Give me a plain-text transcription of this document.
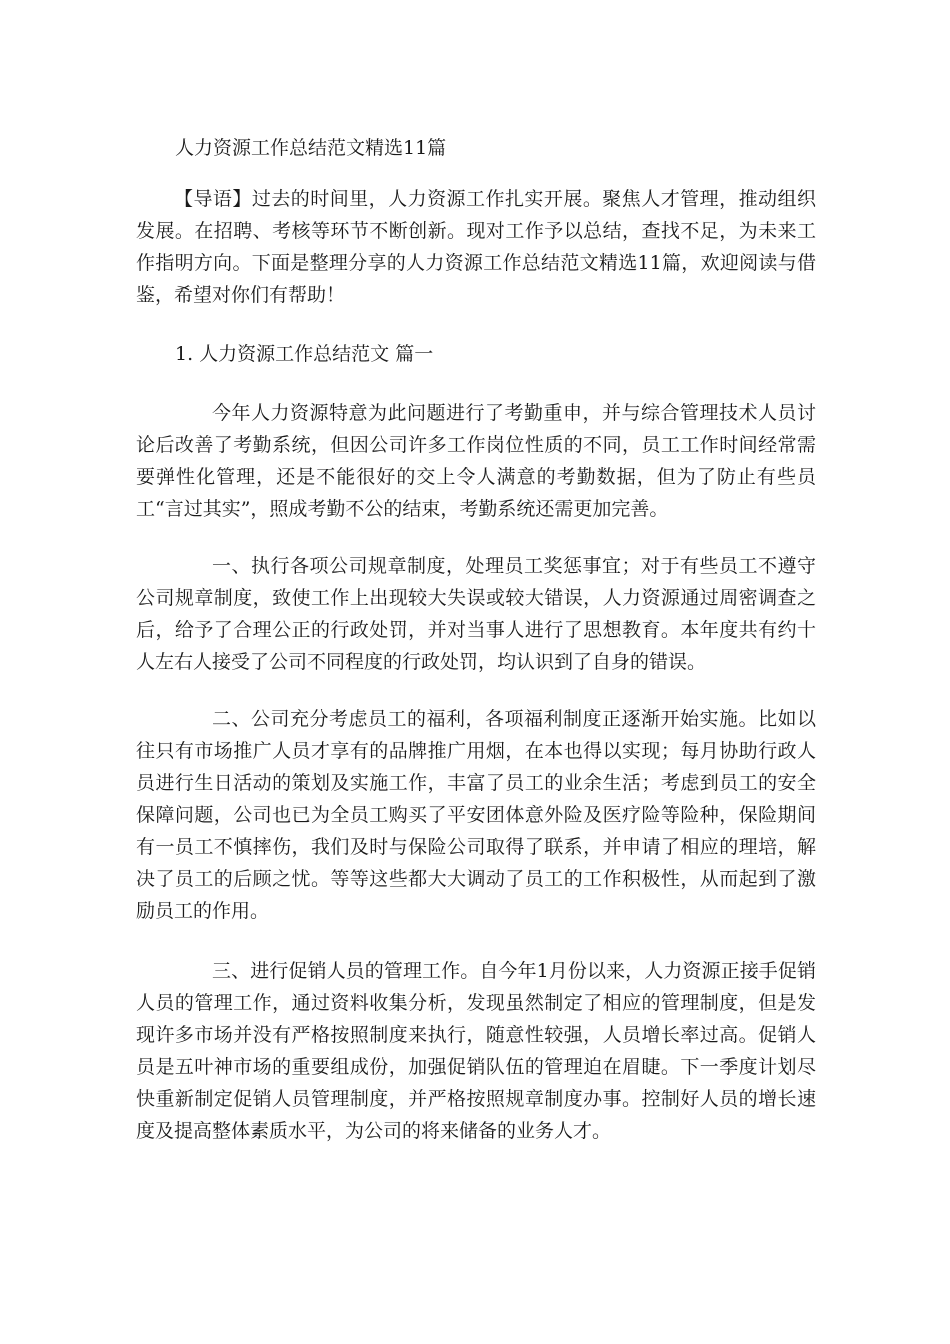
人力资源工作总结范文精选11篇
【导语】过去的时间里，人力资源工作扎实开展。聚焦人才管理，推动组织发展。在招聘、考核等环节不断创新。现对工作予以总结，查找不足，为未来工作指明方向。下面是整理分享的人力资源工作总结范文精选11篇，欢迎阅读与借鉴，希望对你们有帮助！
1. 人力资源工作总结范文 篇一
今年人力资源特意为此问题进行了考勤重申，并与综合管理技术人员讨论后改善了考勤系统，但因公司许多工作岗位性质的不同，员工工作时间经常需要弹性化管理，还是不能很好的交上令人满意的考勤数据，但为了防止有些员工“言过其实”，照成考勤不公的结束，考勤系统还需更加完善。
一、执行各项公司规章制度，处理员工奖惩事宜；对于有些员工不遵守公司规章制度，致使工作上出现较大失误或较大错误，人力资源通过周密调查之后，给予了合理公正的行政处罚，并对当事人进行了思想教育。本年度共有约十人左右人接受了公司不同程度的行政处罚，均认识到了自身的错误。
二、公司充分考虑员工的福利，各项福利制度正逐渐开始实施。比如以往只有市场推广人员才享有的品牌推广用烟，在本也得以实现；每月协助行政人员进行生日活动的策划及实施工作，丰富了员工的业余生活；考虑到员工的安全保障问题，公司也已为全员工购买了平安团体意外险及医疗险等险种，保险期间有一员工不慎摔伤，我们及时与保险公司取得了联系，并申请了相应的理培，解决了员工的后顾之忧。等等这些都大大调动了员工的工作积极性，从而起到了激励员工的作用。
三、进行促销人员的管理工作。自今年1月份以来，人力资源正接手促销人员的管理工作，通过资料收集分析，发现虽然制定了相应的管理制度，但是发现许多市场并没有严格按照制度来执行，随意性较强，人员增长率过高。促销人员是五叶神市场的重要组成份，加强促销队伍的管理迫在眉睫。下一季度计划尽快重新制定促销人员管理制度，并严格按照规章制度办事。控制好人员的增长速度及提高整体素质水平，为公司的将来储备的业务人才。
